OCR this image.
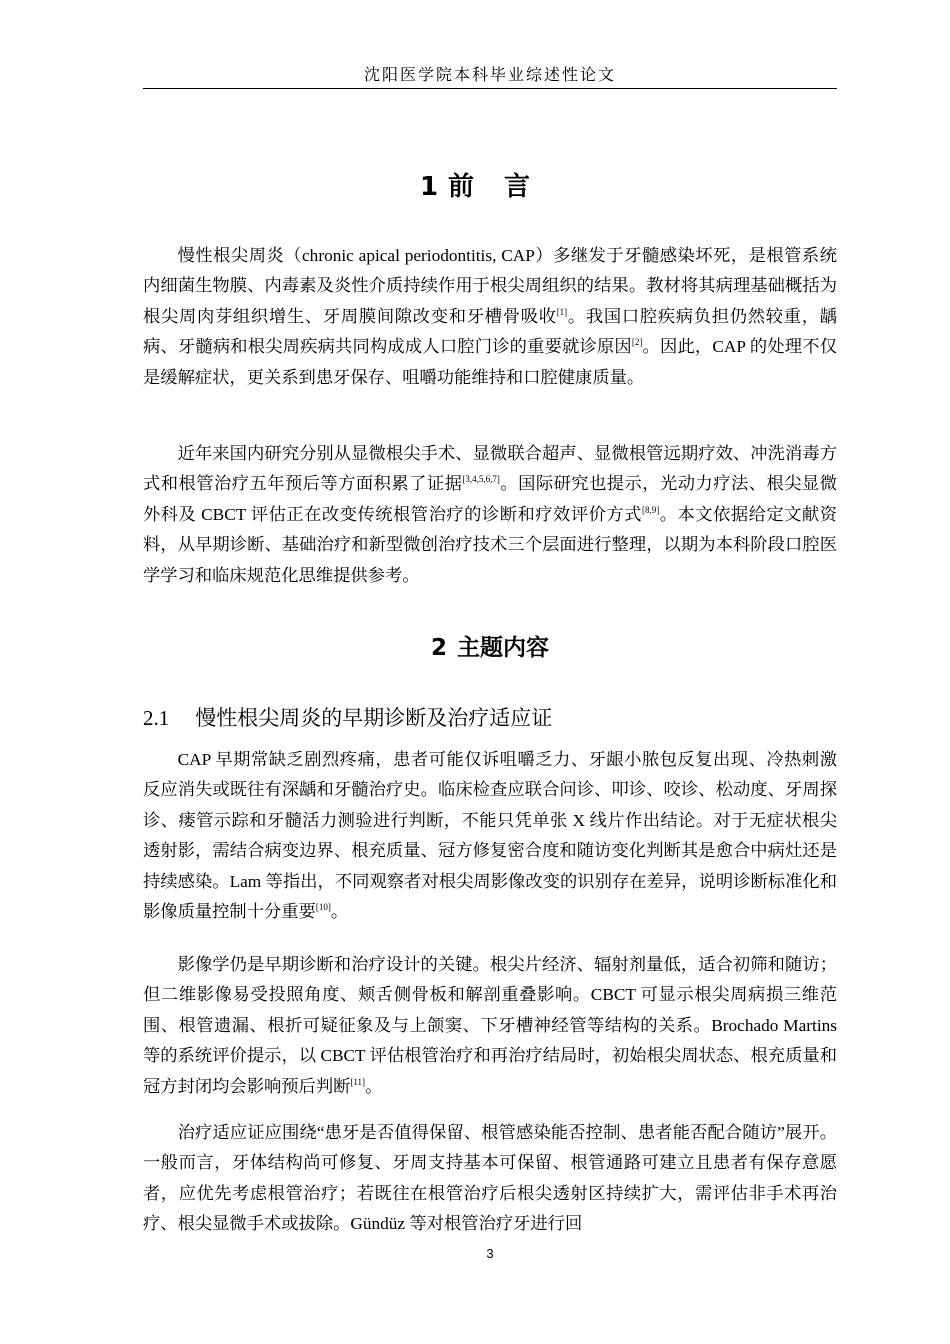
沈阳医学院本科毕业综述性论文
1 前言

慢性根尖周炎（chronic apical periodontitis, CAP）多继发于牙髓感染坏死，是根管系统内细菌生物膜、内毒素及炎性介质持续作用于根尖周组织的结果。教材将其病理基础概括为根尖周肉芽组织增生、牙周膜间隙改变和牙槽骨吸收[1]。我国口腔疾病负担仍然较重，龋病、牙髓病和根尖周疾病共同构成成人口腔门诊的重要就诊原因[2]。因此，CAP 的处理不仅是缓解症状，更关系到患牙保存、咀嚼功能维持和口腔健康质量。

近年来国内研究分别从显微根尖手术、显微联合超声、显微根管远期疗效、冲洗消毒方式和根管治疗五年预后等方面积累了证据[3,4,5,6,7]。国际研究也提示，光动力疗法、根尖显微外科及 CBCT 评估正在改变传统根管治疗的诊断和疗效评价方式[8,9]。本文依据给定文献资料，从早期诊断、基础治疗和新型微创治疗技术三个层面进行整理，以期为本科阶段口腔医学学习和临床规范化思维提供参考。

2 主题内容
2.1 慢性根尖周炎的早期诊断及治疗适应证

CAP 早期常缺乏剧烈疼痛，患者可能仅诉咀嚼乏力、牙龈小脓包反复出现、冷热刺激反应消失或既往有深龋和牙髓治疗史。临床检查应联合问诊、叩诊、咬诊、松动度、牙周探诊、瘘管示踪和牙髓活力测验进行判断，不能只凭单张 X 线片作出结论。对于无症状根尖透射影，需结合病变边界、根充质量、冠方修复密合度和随访变化判断其是愈合中病灶还是持续感染。Lam 等指出，不同观察者对根尖周影像改变的识别存在差异，说明诊断标准化和影像质量控制十分重要[10]。

影像学仍是早期诊断和治疗设计的关键。根尖片经济、辐射剂量低，适合初筛和随访；但二维影像易受投照角度、颊舌侧骨板和解剖重叠影响。CBCT 可显示根尖周病损三维范围、根管遗漏、根折可疑征象及与上颌窦、下牙槽神经管等结构的关系。Brochado Martins 等的系统评价提示，以 CBCT 评估根管治疗和再治疗结局时，初始根尖周状态、根充质量和冠方封闭均会影响预后判断[11]。

治疗适应证应围绕“患牙是否值得保留、根管感染能否控制、患者能否配合随访”展开。一般而言，牙体结构尚可修复、牙周支持基本可保留、根管通路可建立且患者有保存意愿者，应优先考虑根管治疗；若既往在根管治疗后根尖透射区持续扩大，需评估非手术再治疗、根尖显微手术或拔除。Gündüz 等对根管治疗牙进行回

3
